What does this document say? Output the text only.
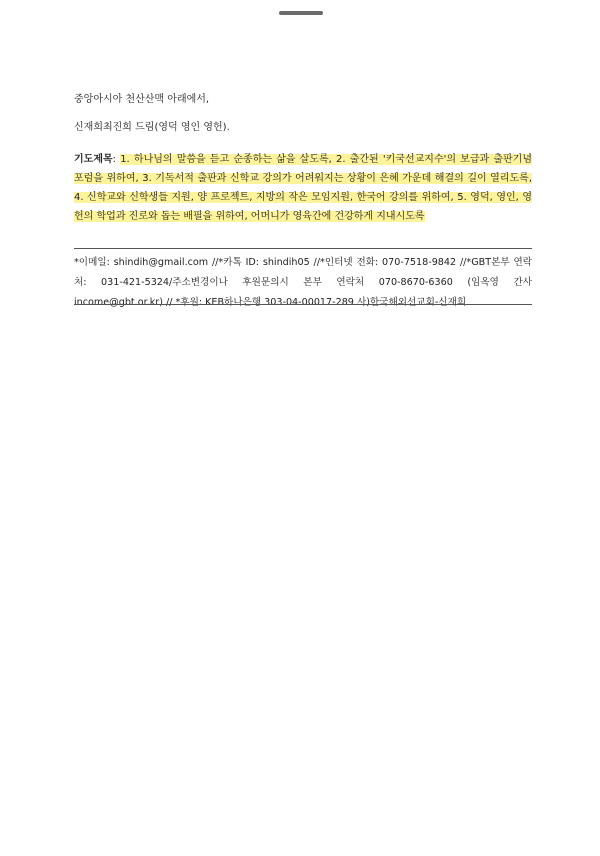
중앙아시아 천산산맥 아래에서,
신재희최진희 드림(영덕 영인 영헌).
기도제목: 1. 하나님의 말씀을 듣고 순종하는 삶을 살도록, 2. 출간된 '키국선교지수'의 보급과 출판기념 포럼을 위하여, 3. 기독서적 출판과 신학교 강의가 어려워지는 상황이 은혜 가운데 해결의 길이 열리도록, 4. 신학교와 신학생들 지원, 양 프로젝트, 지방의 작은 모임지원, 한국어 강의를 위하여, 5. 영덕, 영인, 영헌의 학업과 진로와 돕는 배필을 위하여, 어머니가 영육간에 건강하게 지내시도록
*이메일: shindih@gmail.com //*카톡 ID: shindih05 //*인터넷 전화: 070-7518-9842 //*GBT본부 연락처: 031-421-5324/주소변경이나 후원문의시 본부 연락처 070-8670-6360 (임옥영 간사 income@gbt.or.kr) // *후원: KEB하나은행 303-04-00017-289 사)한국해외선교회-신재희
